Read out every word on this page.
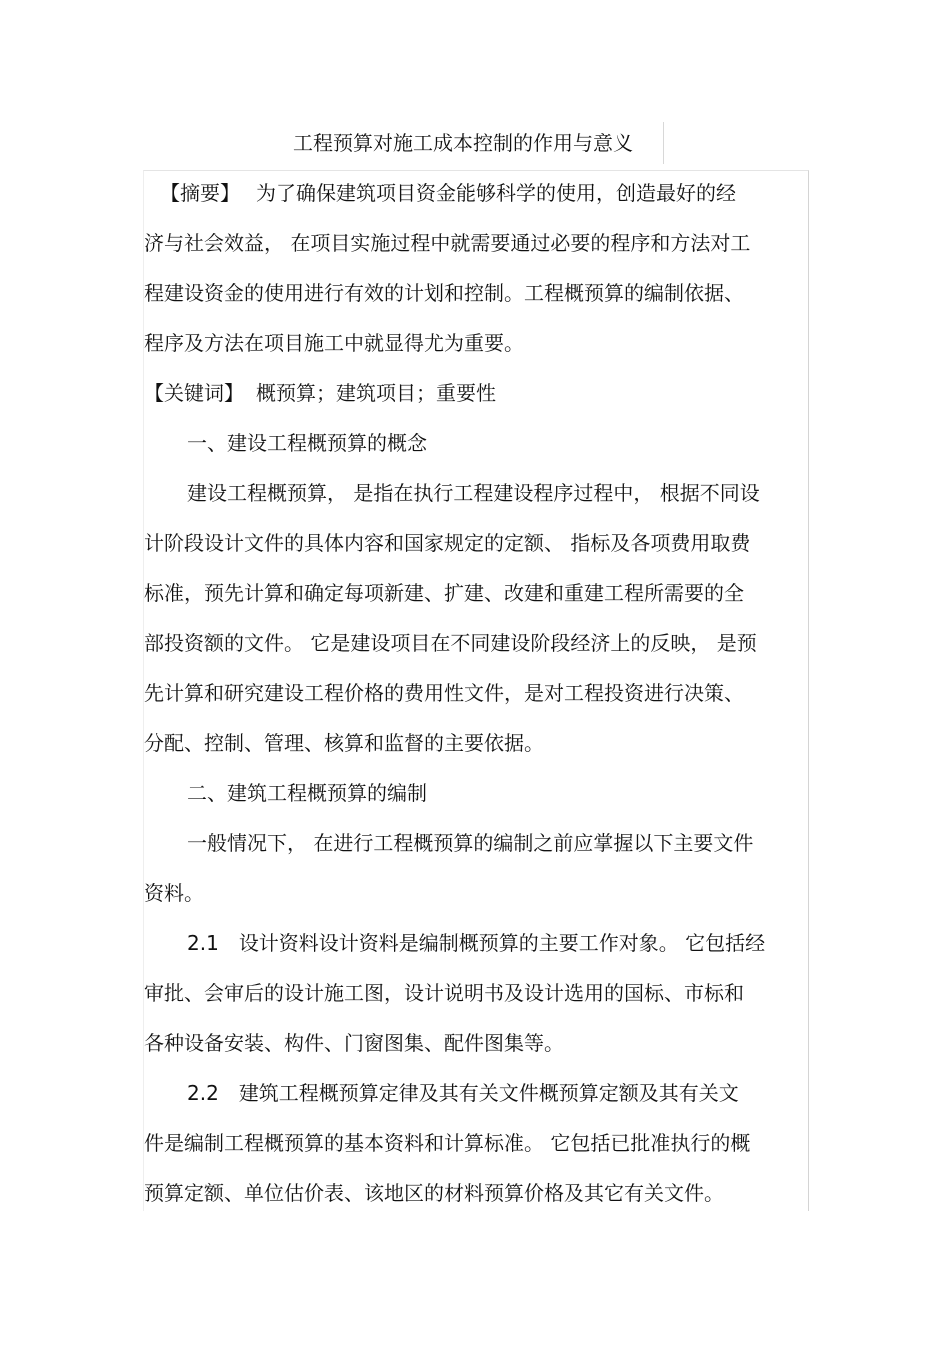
工程预算对施工成本控制的作用与意义
【摘要】 为了确保建筑项目资金能够科学的使用，创造最好的经
济与社会效益， 在项目实施过程中就需要通过必要的程序和方法对工
程建设资金的使用进行有效的计划和控制。工程概预算的编制依据、
程序及方法在项目施工中就显得尤为重要。
【关键词】 概预算；建筑项目；重要性
一、建设工程概预算的概念
建设工程概预算， 是指在执行工程建设程序过程中， 根据不同设
计阶段设计文件的具体内容和国家规定的定额、 指标及各项费用取费
标准，预先计算和确定每项新建、扩建、改建和重建工程所需要的全
部投资额的文件。 它是建设项目在不同建设阶段经济上的反映， 是预
先计算和研究建设工程价格的费用性文件，是对工程投资进行决策、
分配、控制、管理、核算和监督的主要依据。
二、建筑工程概预算的编制
一般情况下， 在进行工程概预算的编制之前应掌握以下主要文件
资料。
2.1 设计资料设计资料是编制概预算的主要工作对象。 它包括经
审批、会审后的设计施工图，设计说明书及设计选用的国标、市标和
各种设备安装、构件、门窗图集、配件图集等。
2.2 建筑工程概预算定律及其有关文件概预算定额及其有关文
件是编制工程概预算的基本资料和计算标准。 它包括已批准执行的概
预算定额、单位估价表、该地区的材料预算价格及其它有关文件。
